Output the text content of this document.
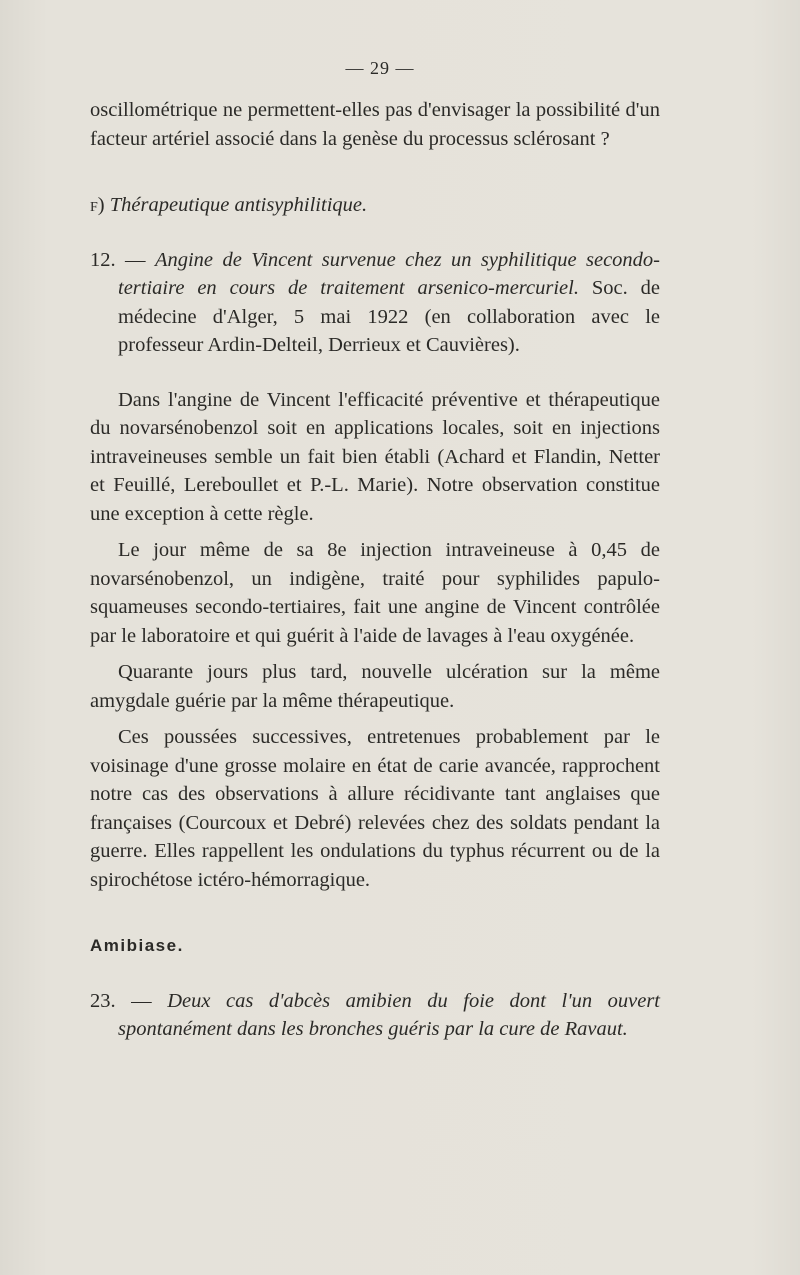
— 29 —

oscillométrique ne permettent-elles pas d'envisager la possibilité d'un facteur artériel associé dans la genèse du processus sclérosant ?

f) Thérapeutique antisyphilitique.

12. — Angine de Vincent survenue chez un syphilitique secondo-tertiaire en cours de traitement arsenico-mercuriel. Soc. de médecine d'Alger, 5 mai 1922 (en collaboration avec le professeur Ardin-Delteil, Derrieux et Cauvières).

Dans l'angine de Vincent l'efficacité préventive et thérapeutique du novarsénobenzol soit en applications locales, soit en injections intraveineuses semble un fait bien établi (Achard et Flandin, Netter et Feuillé, Lereboullet et P.-L. Marie). Notre observation constitue une exception à cette règle.

Le jour même de sa 8e injection intraveineuse à 0,45 de novarsénobenzol, un indigène, traité pour syphilides papulo-squameuses secondo-tertiaires, fait une angine de Vincent contrôlée par le laboratoire et qui guérit à l'aide de lavages à l'eau oxygénée.

Quarante jours plus tard, nouvelle ulcération sur la même amygdale guérie par la même thérapeutique.

Ces poussées successives, entretenues probablement par le voisinage d'une grosse molaire en état de carie avancée, rapprochent notre cas des observations à allure récidivante tant anglaises que françaises (Courcoux et Debré) relevées chez des soldats pendant la guerre. Elles rappellent les ondulations du typhus récurrent ou de la spirochétose ictéro-hémorragique.

Amibiase.

23. — Deux cas d'abcès amibien du foie dont l'un ouvert spontanément dans les bronches guéris par la cure de Ravaut.
